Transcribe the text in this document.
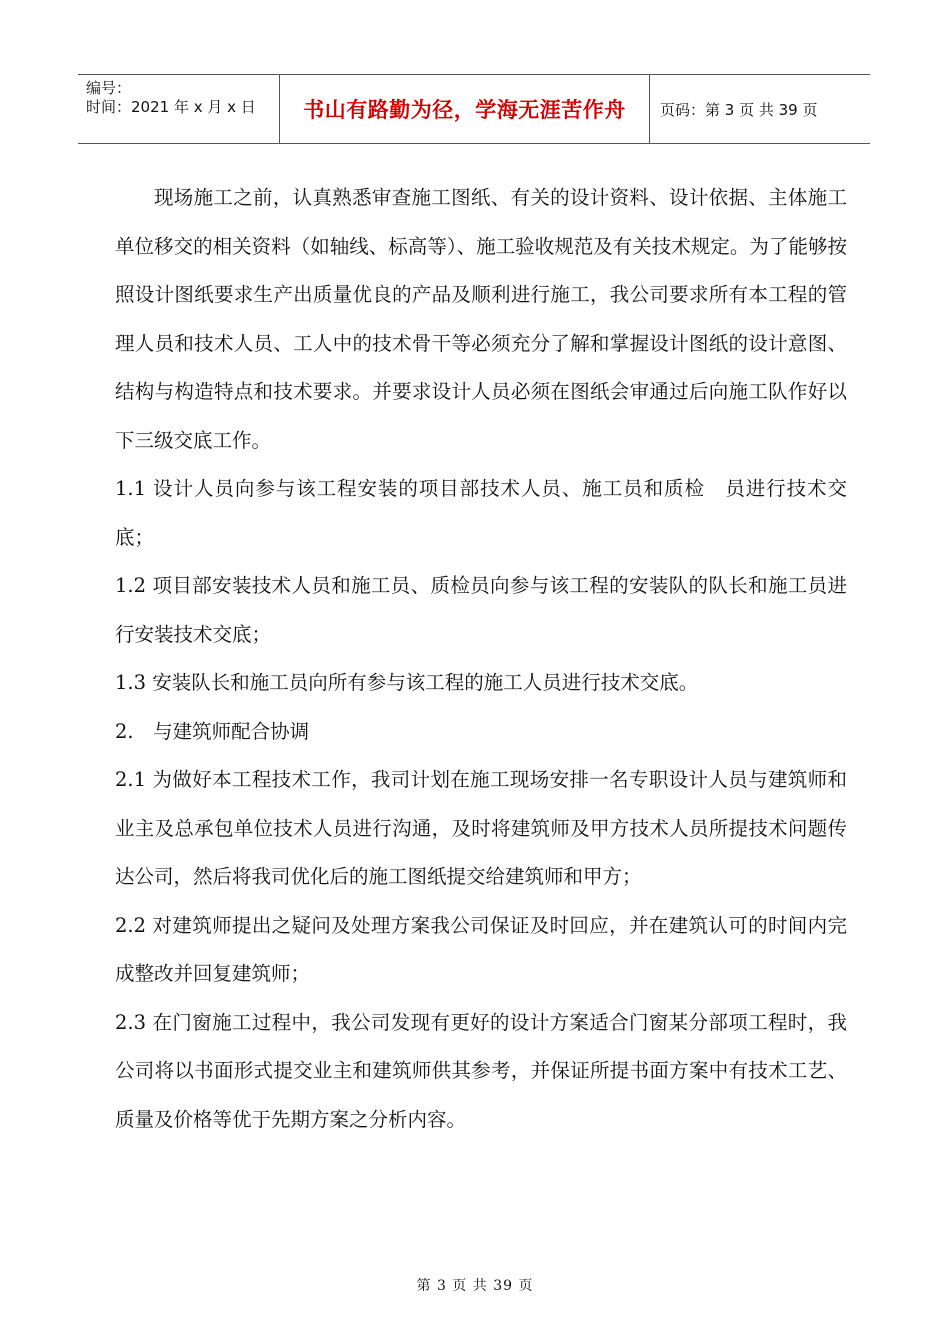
编号：
时间：2021 年 x 月 x 日	书山有路勤为径，学海无涯苦作舟	页码：第 3 页 共 39 页

现场施工之前，认真熟悉审查施工图纸、有关的设计资料、设计依据、主体施工单位移交的相关资料（如轴线、标高等）、施工验收规范及有关技术规定。为了能够按照设计图纸要求生产出质量优良的产品及顺利进行施工，我公司要求所有本工程的管理人员和技术人员、工人中的技术骨干等必须充分了解和掌握设计图纸的设计意图、结构与构造特点和技术要求。并要求设计人员必须在图纸会审通过后向施工队作好以下三级交底工作。

1.1 设计人员向参与该工程安装的项目部技术人员、施工员和质检　员进行技术交底；

1.2 项目部安装技术人员和施工员、质检员向参与该工程的安装队的队长和施工员进行安装技术交底；

1.3 安装队长和施工员向所有参与该工程的施工人员进行技术交底。

2.　与建筑师配合协调

2.1 为做好本工程技术工作，我司计划在施工现场安排一名专职设计人员与建筑师和业主及总承包单位技术人员进行沟通，及时将建筑师及甲方技术人员所提技术问题传达公司，然后将我司优化后的施工图纸提交给建筑师和甲方；

2.2 对建筑师提出之疑问及处理方案我公司保证及时回应，并在建筑认可的时间内完成整改并回复建筑师；

2.3 在门窗施工过程中，我公司发现有更好的设计方案适合门窗某分部项工程时，我公司将以书面形式提交业主和建筑师供其参考，并保证所提书面方案中有技术工艺、质量及价格等优于先期方案之分析内容。

第 3 页 共 39 页
